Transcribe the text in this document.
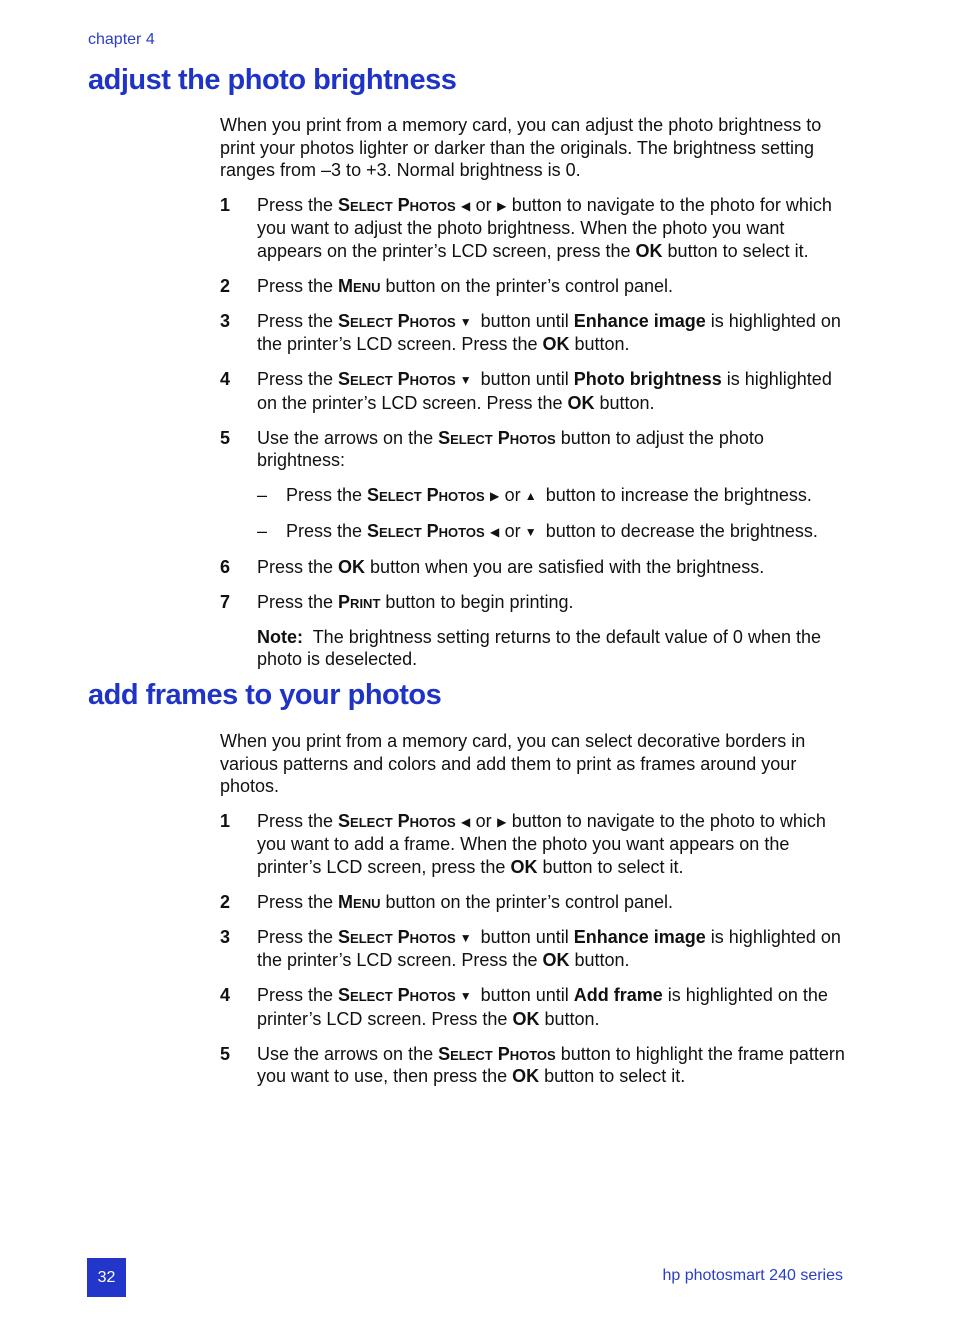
chapter 4
adjust the photo brightness

When you print from a memory card, you can adjust the photo brightness to print your photos lighter or darker than the originals. The brightness setting ranges from –3 to +3. Normal brightness is 0.

1 Press the Select Photos ◀ or ▶ button to navigate to the photo for which you want to adjust the photo brightness. When the photo you want appears on the printer’s LCD screen, press the OK button to select it.
2 Press the Menu button on the printer’s control panel.
3 Press the Select Photos▼ button until Enhance image is highlighted on the printer’s LCD screen. Press the OK button.
4 Press the Select Photos▼ button until Photo brightness is highlighted on the printer’s LCD screen. Press the OK button.
5 Use the arrows on the Select Photos button to adjust the photo brightness:
– Press the Select Photos ▶ or ▲ button to increase the brightness.
– Press the Select Photos ◀ or ▼ button to decrease the brightness.
6 Press the OK button when you are satisfied with the brightness.
7 Press the Print button to begin printing.

Note: The brightness setting returns to the default value of 0 when the photo is deselected.

add frames to your photos

When you print from a memory card, you can select decorative borders in various patterns and colors and add them to print as frames around your photos.

1 Press the Select Photos ◀ or ▶ button to navigate to the photo to which you want to add a frame. When the photo you want appears on the printer’s LCD screen, press the OK button to select it.
2 Press the Menu button on the printer’s control panel.
3 Press the Select Photos▼ button until Enhance image is highlighted on the printer’s LCD screen. Press the OK button.
4 Press the Select Photos▼ button until Add frame is highlighted on the printer’s LCD screen. Press the OK button.
5 Use the arrows on the Select Photos button to highlight the frame pattern you want to use, then press the OK button to select it.
32	hp photosmart 240 series
